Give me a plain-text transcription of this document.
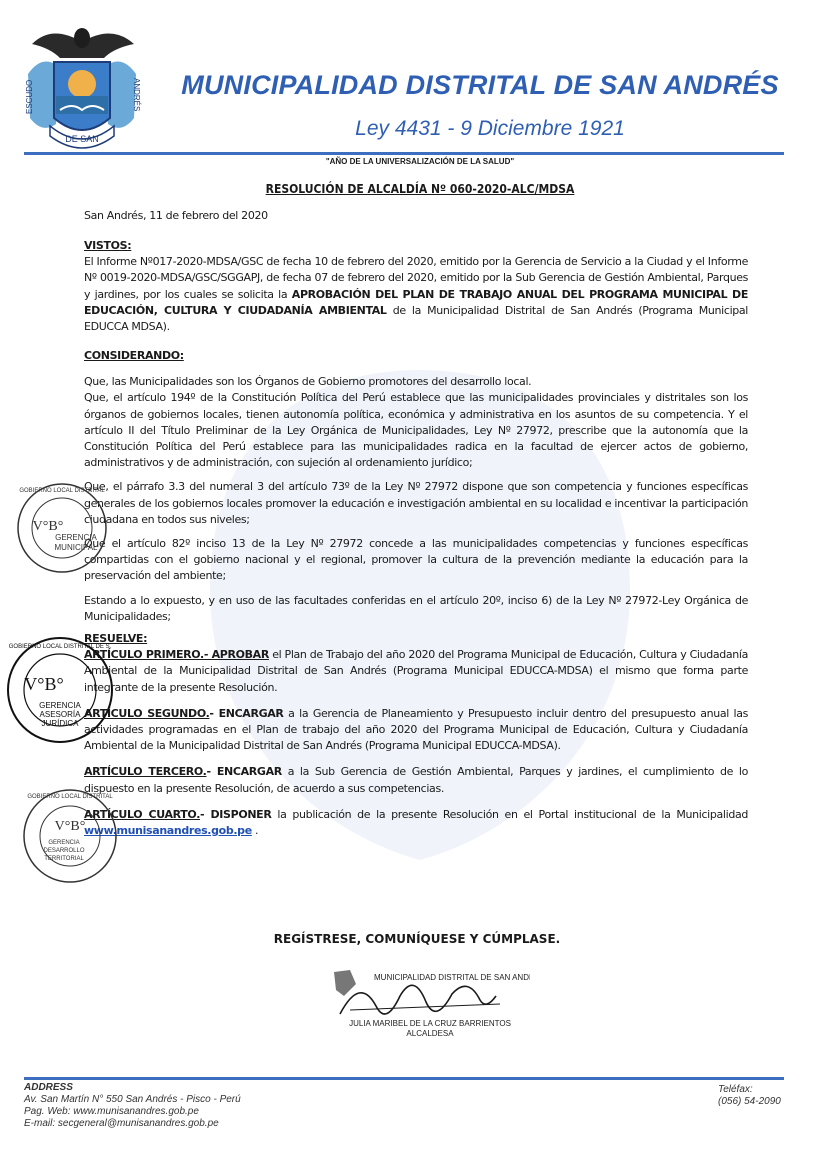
ESCUDO	ANDRÉS
DE SAN
MUNICIPALIDAD DISTRITAL DE SAN ANDRÉS
Ley 4431 - 9 Diciembre 1921
"AÑO DE LA UNIVERSALIZACIÓN DE LA SALUD"
RESOLUCIÓN DE ALCALDÍA Nº 060-2020-ALC/MDSA
San Andrés, 11 de febrero del 2020
VISTOS:

El Informe Nº017-2020-MDSA/GSC de fecha 10 de febrero del 2020, emitido por la Gerencia de Servicio a la Ciudad y el Informe Nº 0019-2020-MDSA/GSC/SGGAPJ, de fecha 07 de febrero del 2020, emitido por la Sub Gerencia de Gestión Ambiental, Parques y jardines, por los cuales se solicita la APROBACIÓN DEL PLAN DE TRABAJO ANUAL DEL PROGRAMA MUNICIPAL DE EDUCACIÓN, CULTURA Y CIUDADANÍA AMBIENTAL de la Municipalidad Distrital de San Andrés (Programa Municipal EDUCCA MDSA).

CONSIDERANDO:

Que, las Municipalidades son los Órganos de Gobierno promotores del desarrollo local.

Que, el artículo 194º de la Constitución Política del Perú establece que las municipalidades provinciales y distritales son los órganos de gobiernos locales, tienen autonomía política, económica y administrativa en los asuntos de su competencia. Y el artículo II del Título Preliminar de la Ley Orgánica de Municipalidades, Ley Nº 27972, prescribe que la autonomía que la Constitución Política del Perú establece para las municipalidades radica en la facultad de ejercer actos de gobierno, administrativos y de administración, con sujeción al ordenamiento jurídico;

Que, el párrafo 3.3 del numeral 3 del artículo 73º de la Ley Nº 27972 dispone que son competencia y funciones específicas generales de los gobiernos locales promover la educación e investigación ambiental en su localidad e incentivar la participación ciudadana en todos sus niveles;

Que el artículo 82º inciso 13 de la Ley Nº 27972 concede a las municipalidades competencias y funciones específicas compartidas con el gobierno nacional y el regional, promover la cultura de la prevención mediante la educación para la preservación del ambiente;

Estando a lo expuesto, y en uso de las facultades conferidas en el artículo 20º, inciso 6) de la Ley Nº 27972-Ley Orgánica de Municipalidades;

RESUELVE:

ARTÍCULO PRIMERO.- APROBAR el Plan de Trabajo del año 2020 del Programa Municipal de Educación, Cultura y Ciudadanía Ambiental de la Municipalidad Distrital de San Andrés (Programa Municipal EDUCCA-MDSA) el mismo que forma parte integrante de la presente Resolución.

ARTÍCULO SEGUNDO.- ENCARGAR a la Gerencia de Planeamiento y Presupuesto incluir dentro del presupuesto anual las actividades programadas en el Plan de trabajo del año 2020 del Programa Municipal de Educación, Cultura y Ciudadanía Ambiental de la Municipalidad Distrital de San Andrés (Programa Municipal EDUCCA-MDSA).

ARTÍCULO TERCERO.- ENCARGAR a la Sub Gerencia de Gestión Ambiental, Parques y jardines, el cumplimiento de lo dispuesto en la presente Resolución, de acuerdo a sus competencias.

ARTÍCULO CUARTO.- DISPONER la publicación de la presente Resolución en el Portal institucional de la Municipalidad www.munisanandres.gob.pe .

REGÍSTRESE, COMUNÍQUESE Y CÚMPLASE.
MUNICIPALIDAD DISTRITAL DE SAN ANDRES
JULIA MARIBEL DE LA CRUZ BARRIENTOS
ALCALDESA
GOBIERNO LOCAL DISTRITAL
V°B°
GERENCIA
MUNICIPAL
GOBIERNO LOCAL DISTRITAL DE S.
V°B°
GERENCIA
ASESORÍA
JURÍDICA
GOBIERNO LOCAL DISTRITAL
V°B°
GERENCIA
DESARROLLO
TERRITORIAL
ADDRESS
Av. San Martín N° 550 San Andrés - Pisco - Perú
Pag. Web: www.munisanandres.gob.pe
E-mail: secgeneral@munisanandres.gob.pe
Teléfax:
(056) 54-2090
